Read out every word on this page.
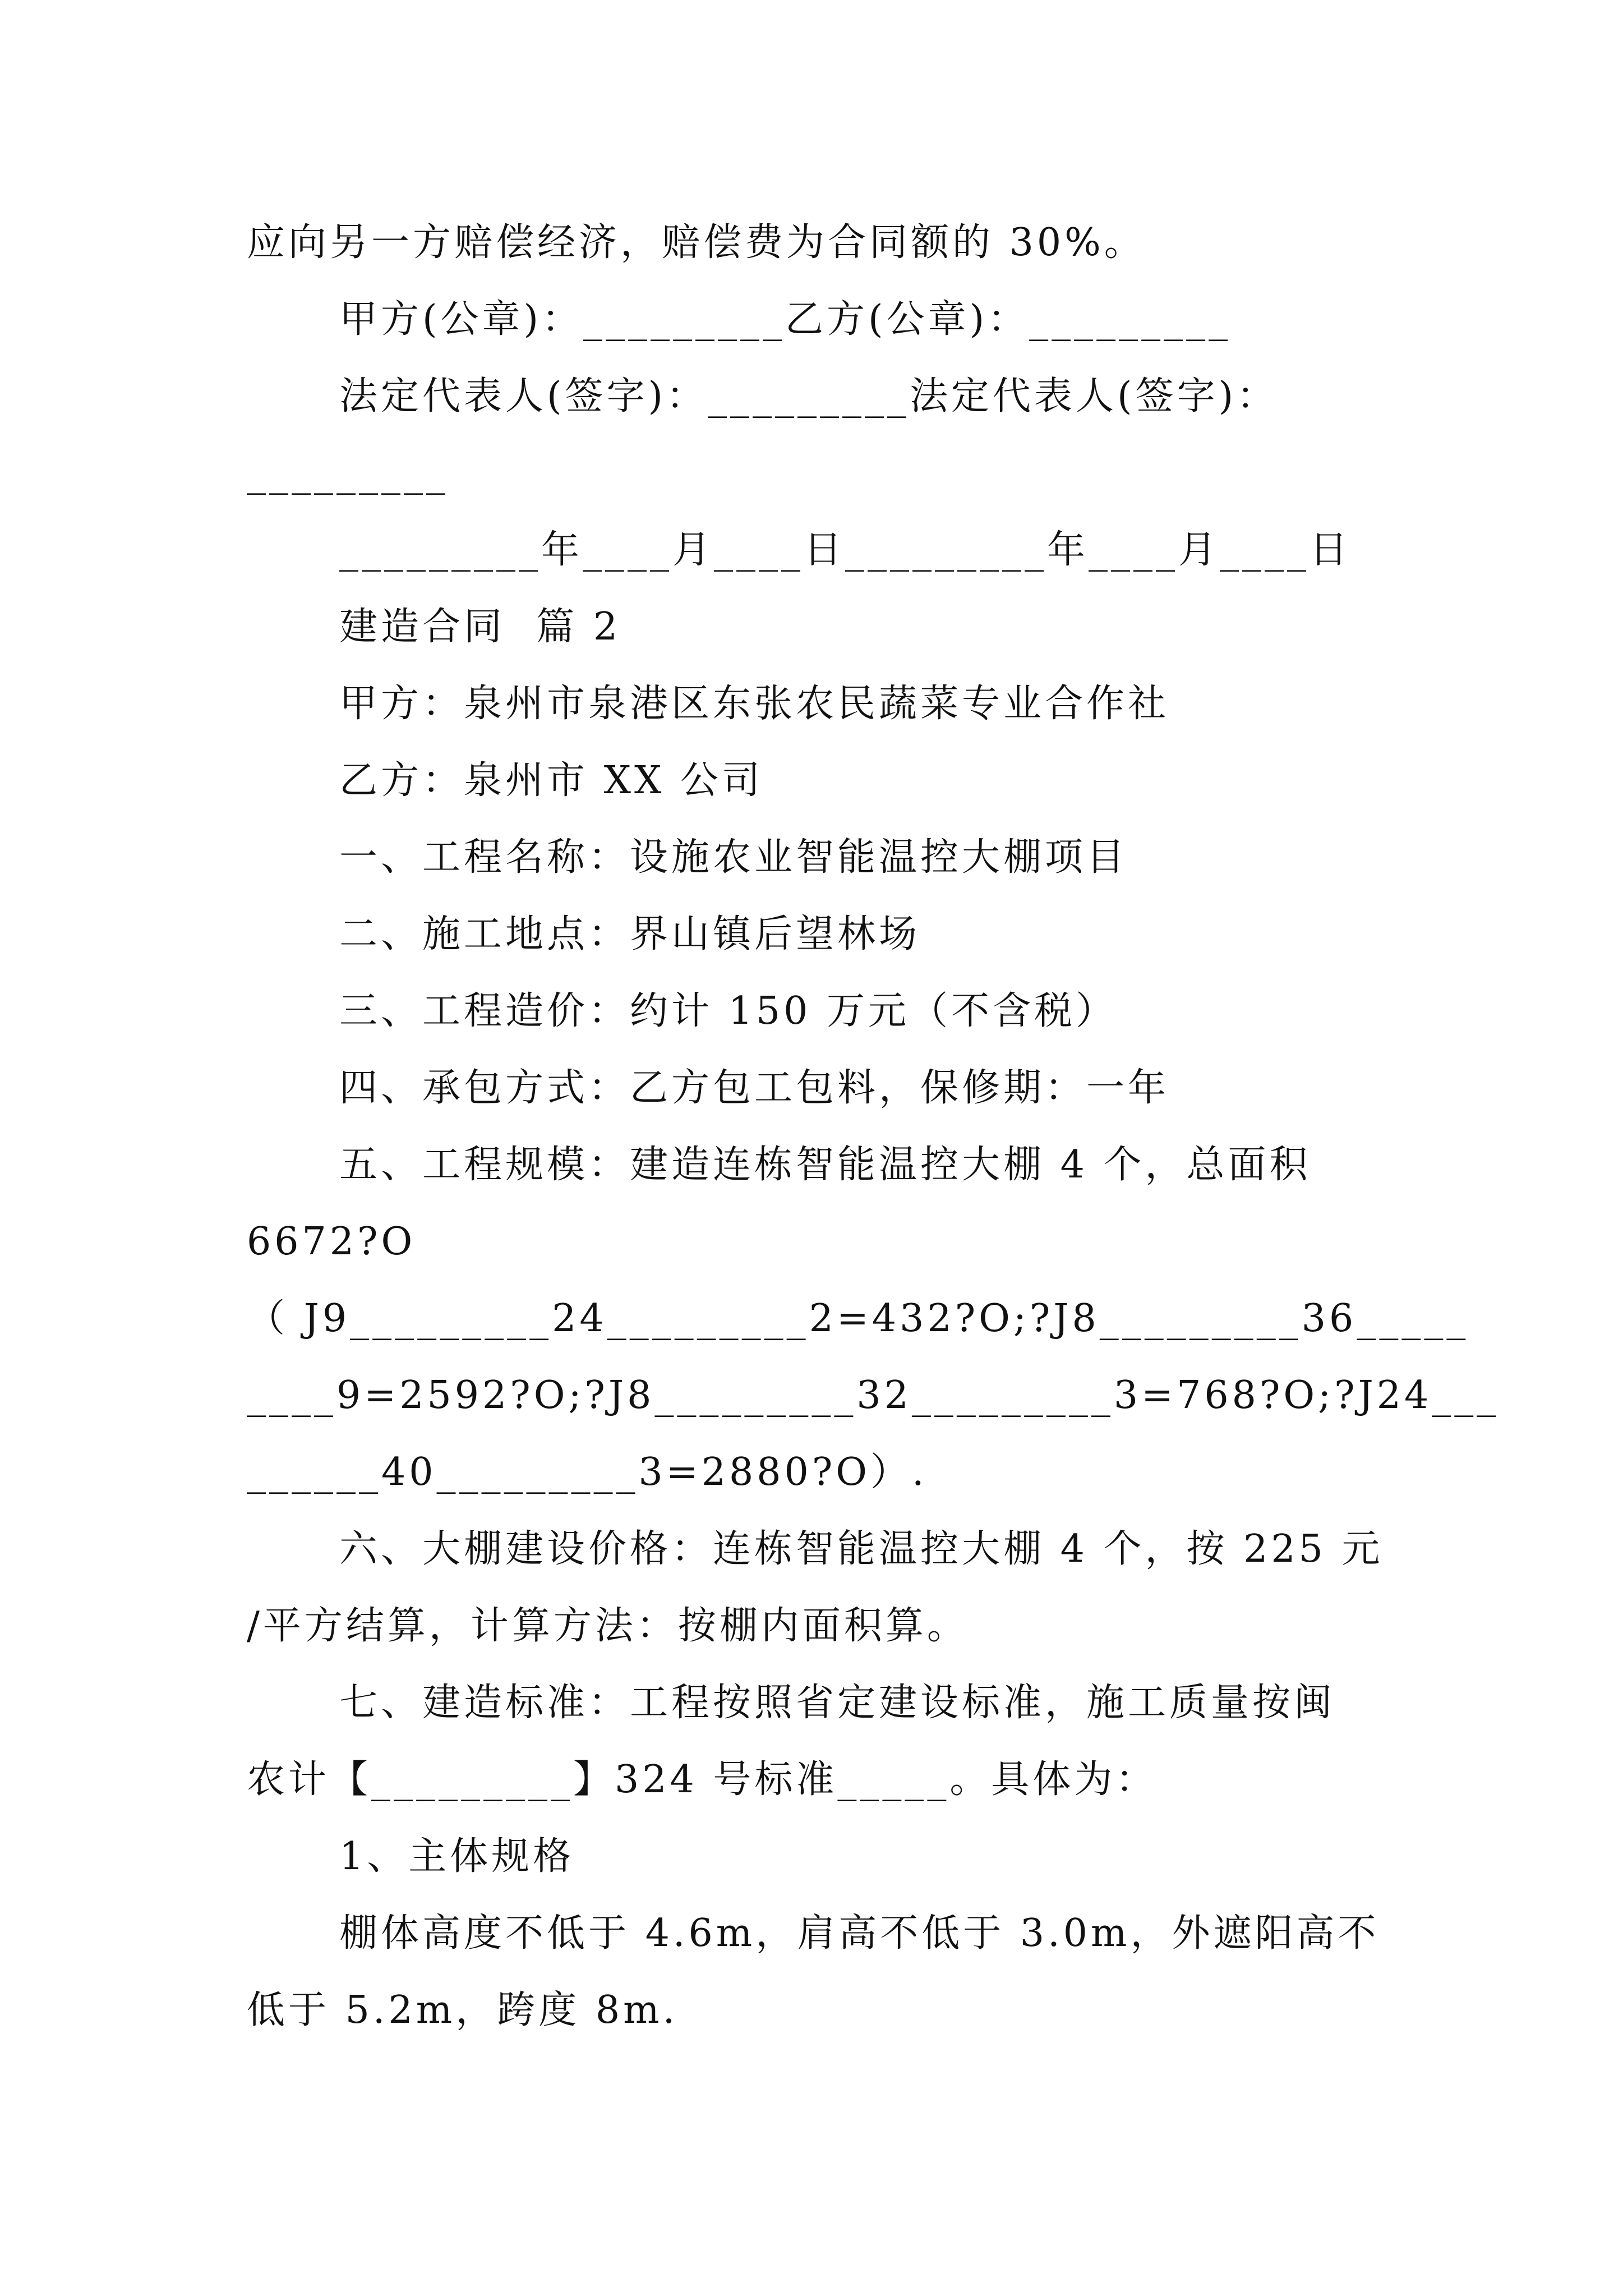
应向另一方赔偿经济，赔偿费为合同额的 30%。
甲方(公章)：_________乙方(公章)：_________
法定代表人(签字)：_________法定代表人(签字)：
_________
_________年____月____日_________年____月____日
建造合同  篇 2
甲方：泉州市泉港区东张农民蔬菜专业合作社
乙方：泉州市 XX 公司
一、工程名称：设施农业智能温控大棚项目
二、施工地点：界山镇后望林场
三、工程造价：约计 150 万元（不含税）
四、承包方式：乙方包工包料，保修期：一年
五、工程规模：建造连栋智能温控大棚 4 个，总面积
6672?O
（ J9_________24_________2=432?O;?J8_________36_____
____9=2592?O;?J8_________32_________3=768?O;?J24___
______40_________3=2880?O）.
六、大棚建设价格：连栋智能温控大棚 4 个，按 225 元
/平方结算，计算方法：按棚内面积算。
七、建造标准：工程按照省定建设标准，施工质量按闽
农计【_________】324 号标准_____。具体为：
1、主体规格
棚体高度不低于 4.6m，肩高不低于 3.0m，外遮阳高不
低于 5.2m，跨度 8m.
